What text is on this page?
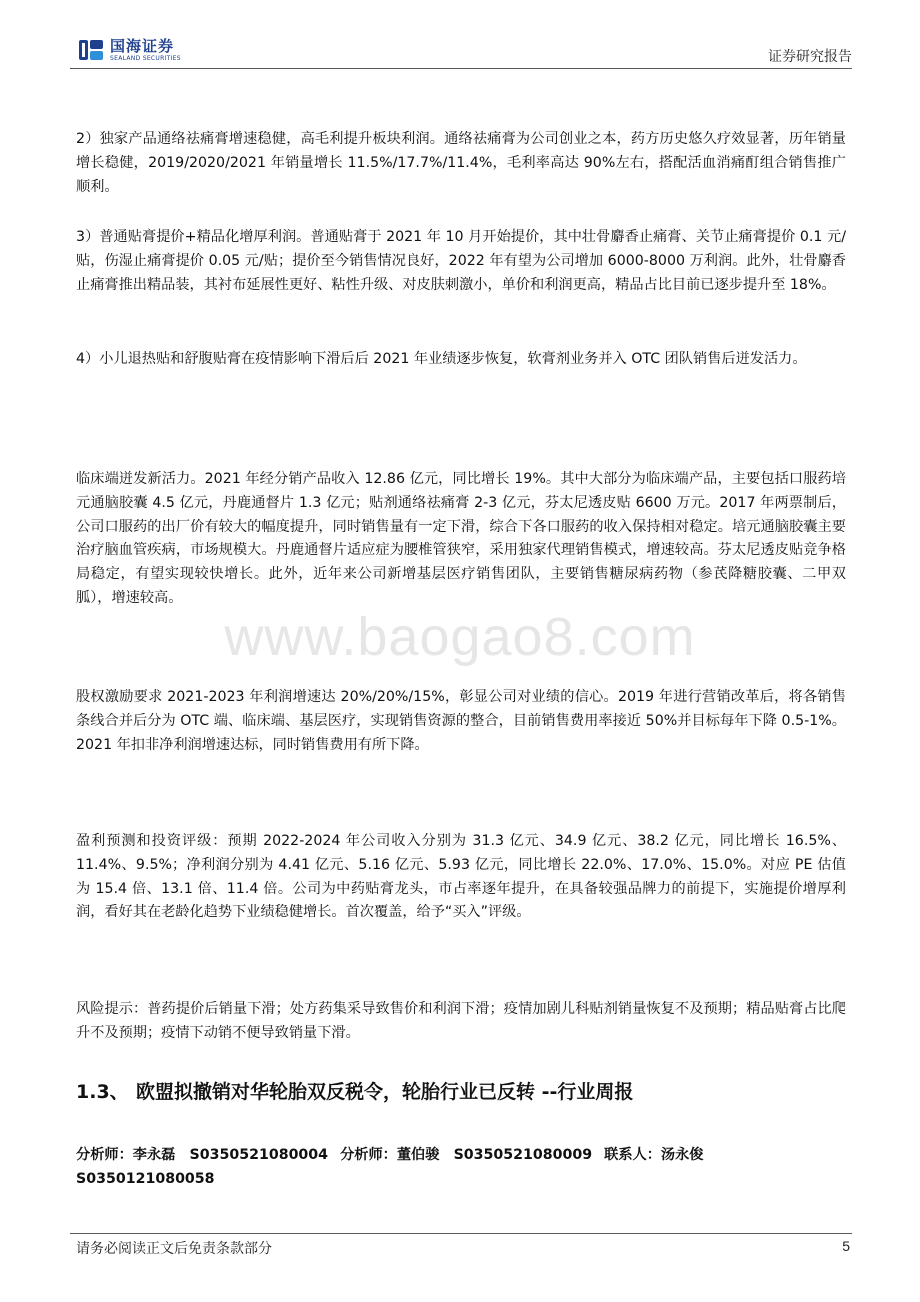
国海证券
SEALAND SECURITIES	证券研究报告

2）独家产品通络祛痛膏增速稳健，高毛利提升板块利润。通络祛痛膏为公司创业之本，药方历史悠久疗效显著，历年销量增长稳健，2019/2020/2021 年销量增长 11.5%/17.7%/11.4%，毛利率高达 90%左右，搭配活血消痛酊组合销售推广顺利。

3）普通贴膏提价+精品化增厚利润。普通贴膏于 2021 年 10 月开始提价，其中壮骨麝香止痛膏、关节止痛膏提价 0.1 元/贴，伤湿止痛膏提价 0.05 元/贴；提价至今销售情况良好，2022 年有望为公司增加 6000-8000 万利润。此外，壮骨麝香止痛膏推出精品装，其衬布延展性更好、粘性升级、对皮肤刺激小，单价和利润更高，精品占比目前已逐步提升至 18%。

4）小儿退热贴和舒腹贴膏在疫情影响下滑后后 2021 年业绩逐步恢复，软膏剂业务并入 OTC 团队销售后迸发活力。

临床端迸发新活力。2021 年经分销产品收入 12.86 亿元，同比增长 19%。其中大部分为临床端产品，主要包括口服药培元通脑胶囊 4.5 亿元，丹鹿通督片 1.3 亿元；贴剂通络祛痛膏 2-3 亿元，芬太尼透皮贴 6600 万元。2017 年两票制后，公司口服药的出厂价有较大的幅度提升，同时销售量有一定下滑，综合下各口服药的收入保持相对稳定。培元通脑胶囊主要治疗脑血管疾病，市场规模大。丹鹿通督片适应症为腰椎管狭窄，采用独家代理销售模式，增速较高。芬太尼透皮贴竞争格局稳定，有望实现较快增长。此外，近年来公司新增基层医疗销售团队，主要销售糖尿病药物（参芪降糖胶囊、二甲双胍），增速较高。

www.baogao8.com

股权激励要求 2021-2023 年利润增速达 20%/20%/15%，彰显公司对业绩的信心。2019 年进行营销改革后，将各销售条线合并后分为 OTC 端、临床端、基层医疗，实现销售资源的整合，目前销售费用率接近 50%并目标每年下降 0.5-1%。2021 年扣非净利润增速达标，同时销售费用有所下降。

盈利预测和投资评级：预期 2022-2024 年公司收入分别为 31.3 亿元、34.9 亿元、38.2 亿元，同比增长 16.5%、11.4%、9.5%；净利润分别为 4.41 亿元、5.16 亿元、5.93 亿元，同比增长 22.0%、17.0%、15.0%。对应 PE 估值为 15.4 倍、13.1 倍、11.4 倍。公司为中药贴膏龙头，市占率逐年提升，在具备较强品牌力的前提下，实施提价增厚利润，看好其在老龄化趋势下业绩稳健增长。首次覆盖，给予“买入”评级。

风险提示：普药提价后销量下滑；处方药集采导致售价和利润下滑；疫情加剧儿科贴剂销量恢复不及预期；精品贴膏占比爬升不及预期；疫情下动销不便导致销量下滑。

1.3、 欧盟拟撤销对华轮胎双反税令，轮胎行业已反转 --行业周报

分析师：李永磊　S0350521080004 分析师：董伯骏　S0350521080009 联系人：汤永俊　S0350121080058

请务必阅读正文后免责条款部分	5
